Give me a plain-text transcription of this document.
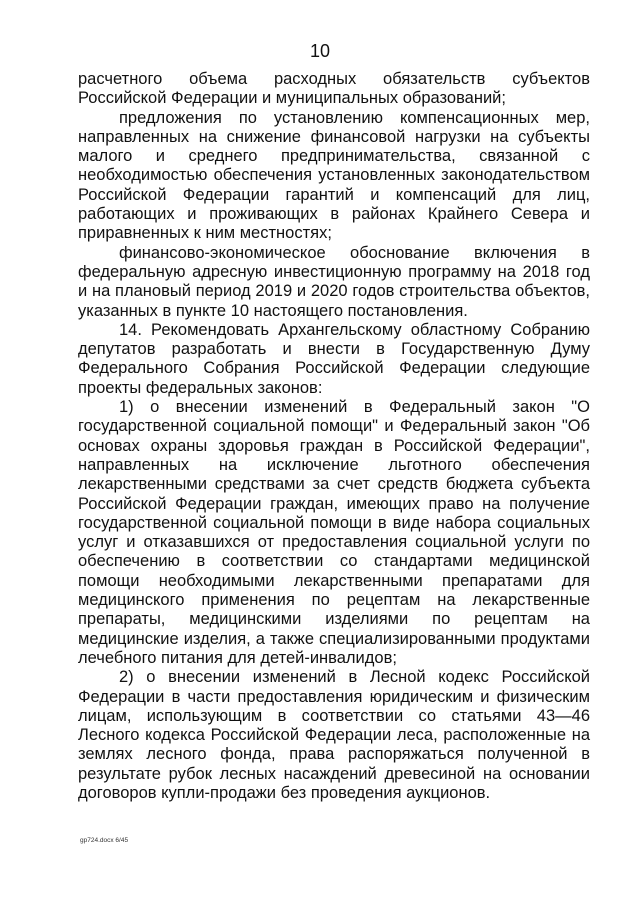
10

расчетного объема расходных обязательств субъектов Российской Федерации и муниципальных образований;

предложения по установлению компенсационных мер, направленных на снижение финансовой нагрузки на субъекты малого и среднего предпринимательства, связанной с необходимостью обеспечения установленных законодательством Российской Федерации гарантий и компенсаций для лиц, работающих и проживающих в районах Крайнего Севера и приравненных к ним местностях;

финансово-экономическое обоснование включения в федеральную адресную инвестиционную программу на 2018 год и на плановый период 2019 и 2020 годов строительства объектов, указанных в пункте 10 настоящего постановления.

14. Рекомендовать Архангельскому областному Собранию депутатов разработать и внести в Государственную Думу Федерального Собрания Российской Федерации следующие проекты федеральных законов:

1) о внесении изменений в Федеральный закон "О государственной социальной помощи" и Федеральный закон "Об основах охраны здоровья граждан в Российской Федерации", направленных на исключение льготного обеспечения лекарственными средствами за счет средств бюджета субъекта Российской Федерации граждан, имеющих право на получение государственной социальной помощи в виде набора социальных услуг и отказавшихся от предоставления социальной услуги по обеспечению в соответствии со стандартами медицинской помощи необходимыми лекарственными препаратами для медицинского применения по рецептам на лекарственные препараты, медицинскими изделиями по рецептам на медицинские изделия, а также специализированными продуктами лечебного питания для детей-инвалидов;

2) о внесении изменений в Лесной кодекс Российской Федерации в части предоставления юридическим и физическим лицам, использующим в соответствии со статьями 43—46 Лесного кодекса Российской Федерации леса, расположенные на землях лесного фонда, права распоряжаться полученной в результате рубок лесных насаждений древесиной на основании договоров купли-продажи без проведения аукционов.

gp724.docx 6/45
